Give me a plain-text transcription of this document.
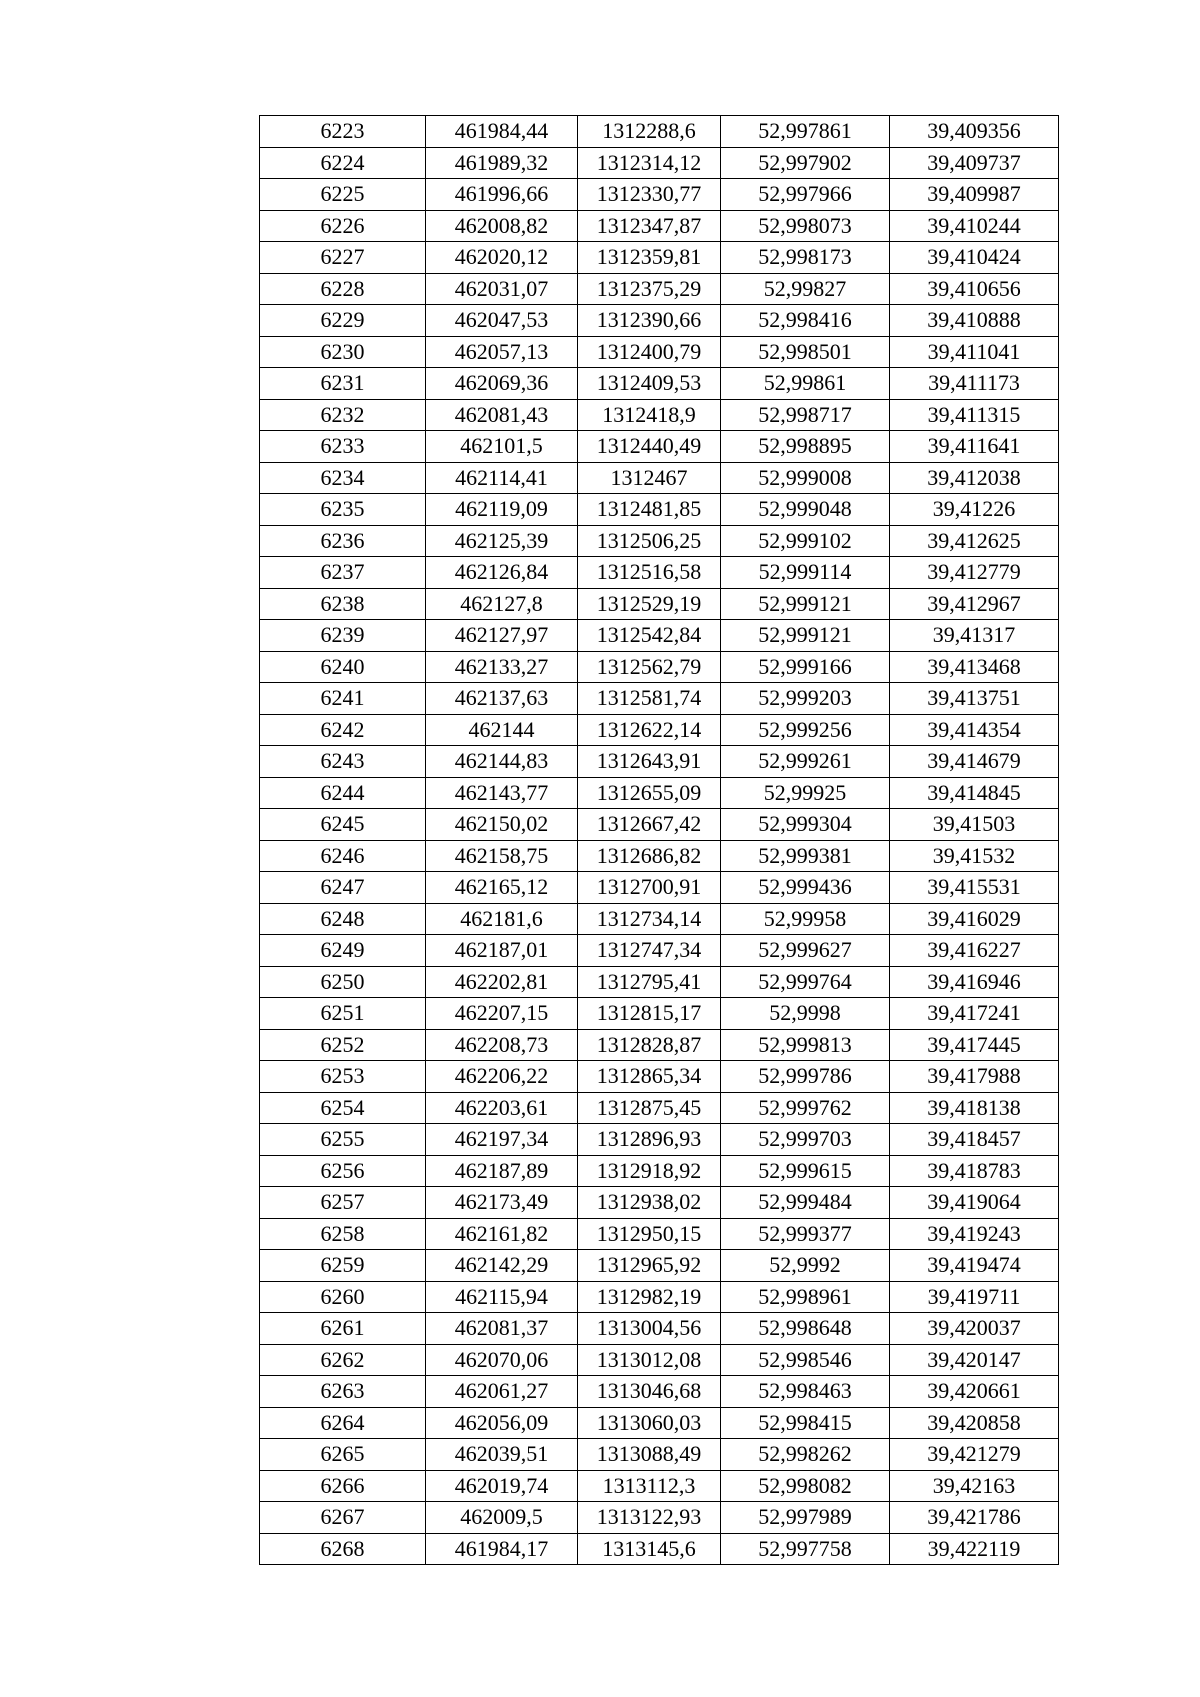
6223	461984,44	1312288,6	52,997861	39,409356
6224	461989,32	1312314,12	52,997902	39,409737
6225	461996,66	1312330,77	52,997966	39,409987
6226	462008,82	1312347,87	52,998073	39,410244
6227	462020,12	1312359,81	52,998173	39,410424
6228	462031,07	1312375,29	52,99827	39,410656
6229	462047,53	1312390,66	52,998416	39,410888
6230	462057,13	1312400,79	52,998501	39,411041
6231	462069,36	1312409,53	52,99861	39,411173
6232	462081,43	1312418,9	52,998717	39,411315
6233	462101,5	1312440,49	52,998895	39,411641
6234	462114,41	1312467	52,999008	39,412038
6235	462119,09	1312481,85	52,999048	39,41226
6236	462125,39	1312506,25	52,999102	39,412625
6237	462126,84	1312516,58	52,999114	39,412779
6238	462127,8	1312529,19	52,999121	39,412967
6239	462127,97	1312542,84	52,999121	39,41317
6240	462133,27	1312562,79	52,999166	39,413468
6241	462137,63	1312581,74	52,999203	39,413751
6242	462144	1312622,14	52,999256	39,414354
6243	462144,83	1312643,91	52,999261	39,414679
6244	462143,77	1312655,09	52,99925	39,414845
6245	462150,02	1312667,42	52,999304	39,41503
6246	462158,75	1312686,82	52,999381	39,41532
6247	462165,12	1312700,91	52,999436	39,415531
6248	462181,6	1312734,14	52,99958	39,416029
6249	462187,01	1312747,34	52,999627	39,416227
6250	462202,81	1312795,41	52,999764	39,416946
6251	462207,15	1312815,17	52,9998	39,417241
6252	462208,73	1312828,87	52,999813	39,417445
6253	462206,22	1312865,34	52,999786	39,417988
6254	462203,61	1312875,45	52,999762	39,418138
6255	462197,34	1312896,93	52,999703	39,418457
6256	462187,89	1312918,92	52,999615	39,418783
6257	462173,49	1312938,02	52,999484	39,419064
6258	462161,82	1312950,15	52,999377	39,419243
6259	462142,29	1312965,92	52,9992	39,419474
6260	462115,94	1312982,19	52,998961	39,419711
6261	462081,37	1313004,56	52,998648	39,420037
6262	462070,06	1313012,08	52,998546	39,420147
6263	462061,27	1313046,68	52,998463	39,420661
6264	462056,09	1313060,03	52,998415	39,420858
6265	462039,51	1313088,49	52,998262	39,421279
6266	462019,74	1313112,3	52,998082	39,42163
6267	462009,5	1313122,93	52,997989	39,421786
6268	461984,17	1313145,6	52,997758	39,422119
